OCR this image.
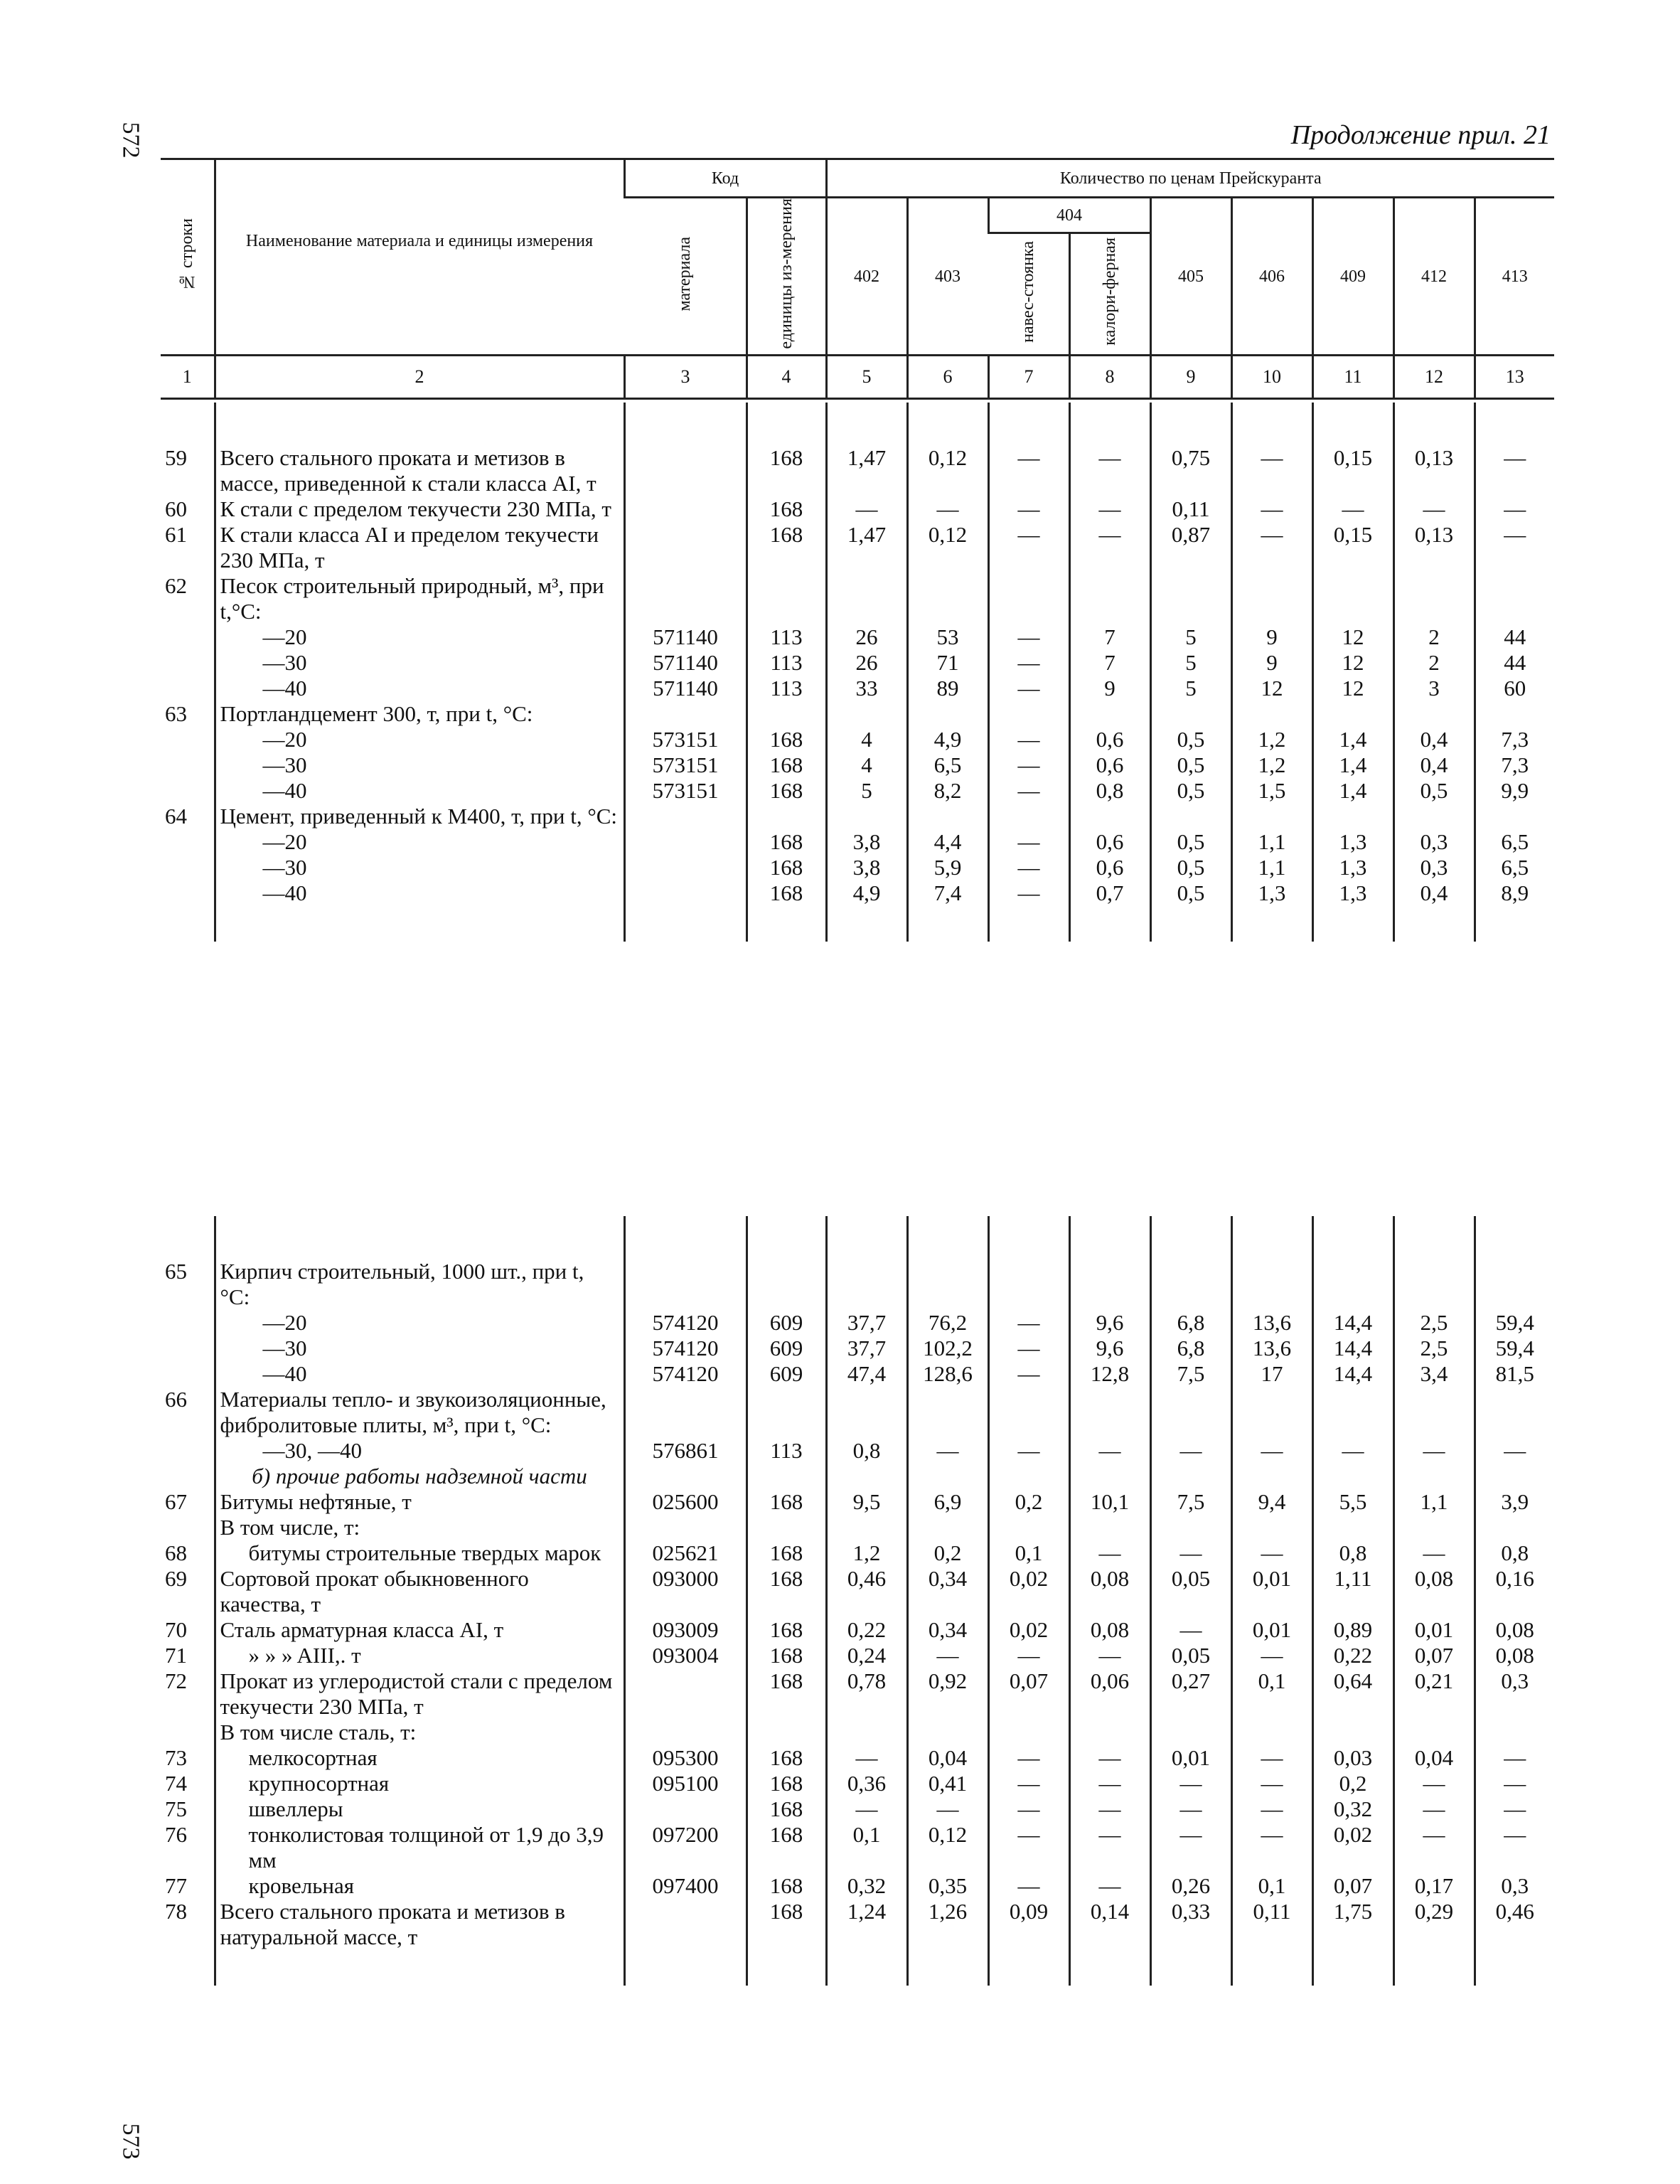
572	Продолжение прил. 21
573
№ строки	Наименование материала и единицы измерения	Код		Количество по ценам Прейскуранта								
		материала	единицы из-мерения	402	403	404		405	406	409	412	413
						навес-стоянка	калори-ферная					
1	2	3	4	5	6	7	8	9	10	11	12	13

59	Всего стального проката и метизов в массе, приведенной к стали класса AI, т		168	1,47	0,12	—	—	0,75	—	0,15	0,13	—
60	К стали с пределом текучести 230 МПа, т		168	—	—	—	—	0,11	—	—	—	—
61	К стали класса AI и пределом текучести 230 МПа, т		168	1,47	0,12	—	—	0,87	—	0,15	0,13	—
62	Песок строительный природный, м³, при t,°С:											

	—20	571140	113	26	53	—	7	5	9	12	2	44

	—30	571140	113	26	71	—	7	5	9	12	2	44

	—40	571140	113	33	89	—	9	5	12	12	3	60
63	Портландцемент 300, т, при t, °С:											

	—20	573151	168	4	4,9	—	0,6	0,5	1,2	1,4	0,4	7,3

	—30	573151	168	4	6,5	—	0,6	0,5	1,2	1,4	0,4	7,3

	—40	573151	168	5	8,2	—	0,8	0,5	1,5	1,4	0,5	9,9
64	Цемент, приведенный к М400, т, при t, °С:											

	—20		168	3,8	4,4	—	0,6	0,5	1,1	1,3	0,3	6,5

	—30		168	3,8	5,9	—	0,6	0,5	1,1	1,3	0,3	6,5

	—40		168	4,9	7,4	—	0,7	0,5	1,3	1,3	0,4	8,9

65	Кирпич строительный, 1000 шт., при t, °С:											

	—20	574120	609	37,7	76,2	—	9,6	6,8	13,6	14,4	2,5	59,4

	—30	574120	609	37,7	102,2	—	9,6	6,8	13,6	14,4	2,5	59,4

	—40	574120	609	47,4	128,6	—	12,8	7,5	17	14,4	3,4	81,5
66	Материалы тепло- и звукоизоляционные, фибролитовые плиты, м³, при t, °С:											

	—30, —40	576861	113	0,8	—	—	—	—	—	—	—	—

	б) прочие работы надземной части											

67	Битумы нефтяные, т	025600	168	9,5	6,9	0,2	10,1	7,5	9,4	5,5	1,1	3,9
	В том числе, т:											
68	битумы строительные твердых марок	025621	168	1,2	0,2	0,1	—	—	—	0,8	—	0,8
69	Сортовой прокат обыкновенного качества, т	093000	168	0,46	0,34	0,02	0,08	0,05	0,01	1,11	0,08	0,16
70	Сталь арматурная класса AI, т	093009	168	0,22	0,34	0,02	0,08	—	0,01	0,89	0,01	0,08
71	» » » AIII,. т	093004	168	0,24	—	—	—	0,05	—	0,22	0,07	0,08
72	Прокат из углеродистой стали с пределом текучести 230 МПа, т		168	0,78	0,92	0,07	0,06	0,27	0,1	0,64	0,21	0,3
	В том числе сталь, т:											
73	мелкосортная	095300	168	—	0,04	—	—	0,01	—	0,03	0,04	—
74	крупносортная	095100	168	0,36	0,41	—	—	—	—	0,2	—	—
75	швеллеры		168	—	—	—	—	—	—	0,32	—	—
76	тонколистовая толщиной от 1,9 до 3,9 мм	097200	168	0,1	0,12	—	—	—	—	0,02	—	—
77	кровельная	097400	168	0,32	0,35	—	—	0,26	0,1	0,07	0,17	0,3
78	Всего стального проката и метизов в натуральной массе, т		168	1,24	1,26	0,09	0,14	0,33	0,11	1,75	0,29	0,46
